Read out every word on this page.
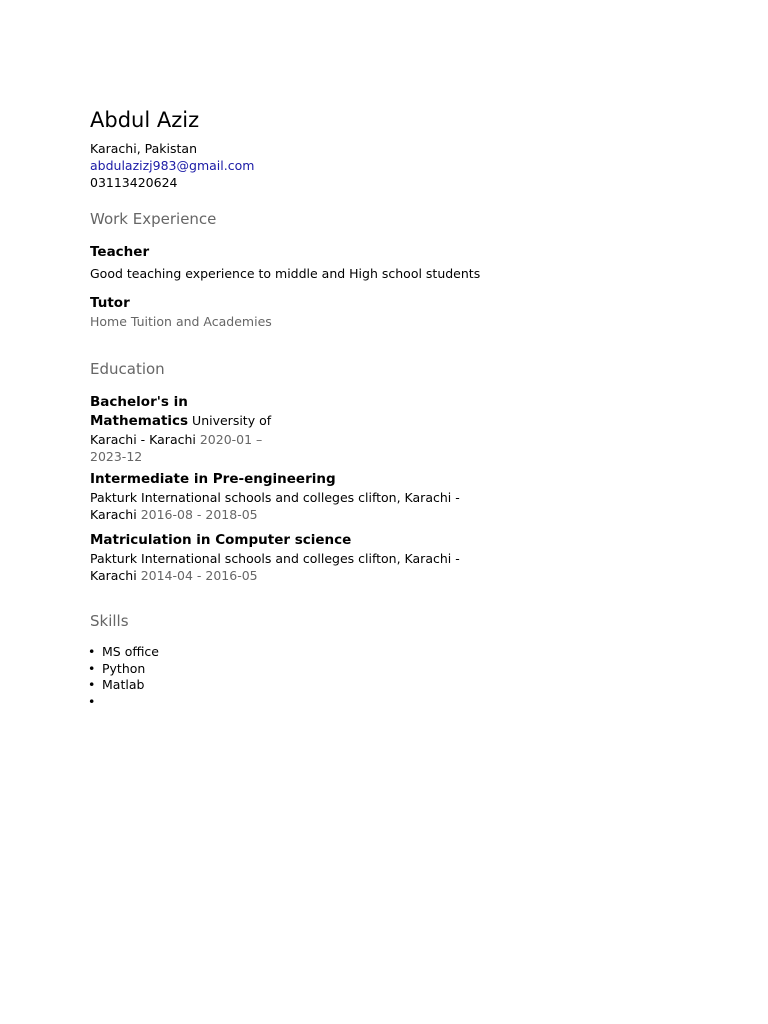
Abdul Aziz

Karachi, Pakistan

abdulazizj983@gmail.com

03113420624

Work Experience

Teacher

Good teaching experience to middle and High school students

Tutor

Home Tuition and Academies

Education
Bachelor's in Mathematics University of Karachi - Karachi 2020-01 – 2023-12
Intermediate in Pre-engineering
Pakturk International schools and colleges clifton, Karachi - Karachi 2016-08 - 2018-05
Matriculation in Computer science
Pakturk International schools and colleges clifton, Karachi - Karachi 2014-04 - 2016-05
Skills
• MS office
• Python
• Matlab
•
